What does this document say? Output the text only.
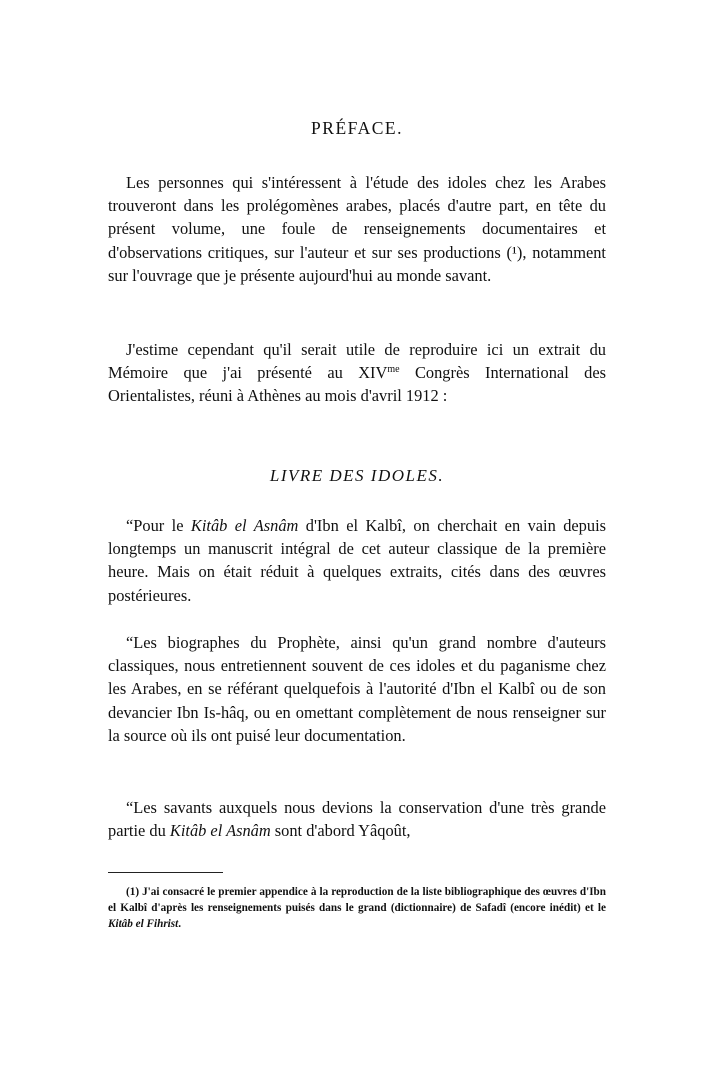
PRÉFACE.

Les personnes qui s'intéressent à l'étude des idoles chez les Arabes trouveront dans les prolégomènes arabes, placés d'autre part, en tête du présent volume, une foule de renseignements documentaires et d'observations critiques, sur l'auteur et sur ses productions (¹), notamment sur l'ouvrage que je présente aujourd'hui au monde savant.

J'estime cependant qu'il serait utile de reproduire ici un extrait du Mémoire que j'ai présenté au $XIV^{me}$ Congrès International des Orientalistes, réuni à Athènes au mois d'avril 1912 :

LIVRE DES IDOLES.

“Pour le Kitâb el Asnâm d'Ibn el Kalbî, on cherchait en vain depuis longtemps un manuscrit intégral de cet auteur classique de la première heure. Mais on était réduit à quelques extraits, cités dans des œuvres postérieures.

“Les biographes du Prophète, ainsi qu'un grand nombre d'auteurs classiques, nous entretiennent souvent de ces idoles et du paganisme chez les Arabes, en se référant quelquefois à l'autorité d'Ibn el Kalbî ou de son devancier Ibn Is-hâq, ou en omettant complètement de nous renseigner sur la source où ils ont puisé leur documentation.

“Les savants auxquels nous devions la conservation d'une très grande partie du Kitâb el Asnâm sont d'abord Yâqoût,

(1) J'ai consacré le premier appendice à la reproduction de la liste bibliographique des œuvres d'Ibn el Kalbî d'après les renseignements puisés dans le grand (dictionnaire) de Safadî (encore inédit) et le Kitâb el Fihrist.
